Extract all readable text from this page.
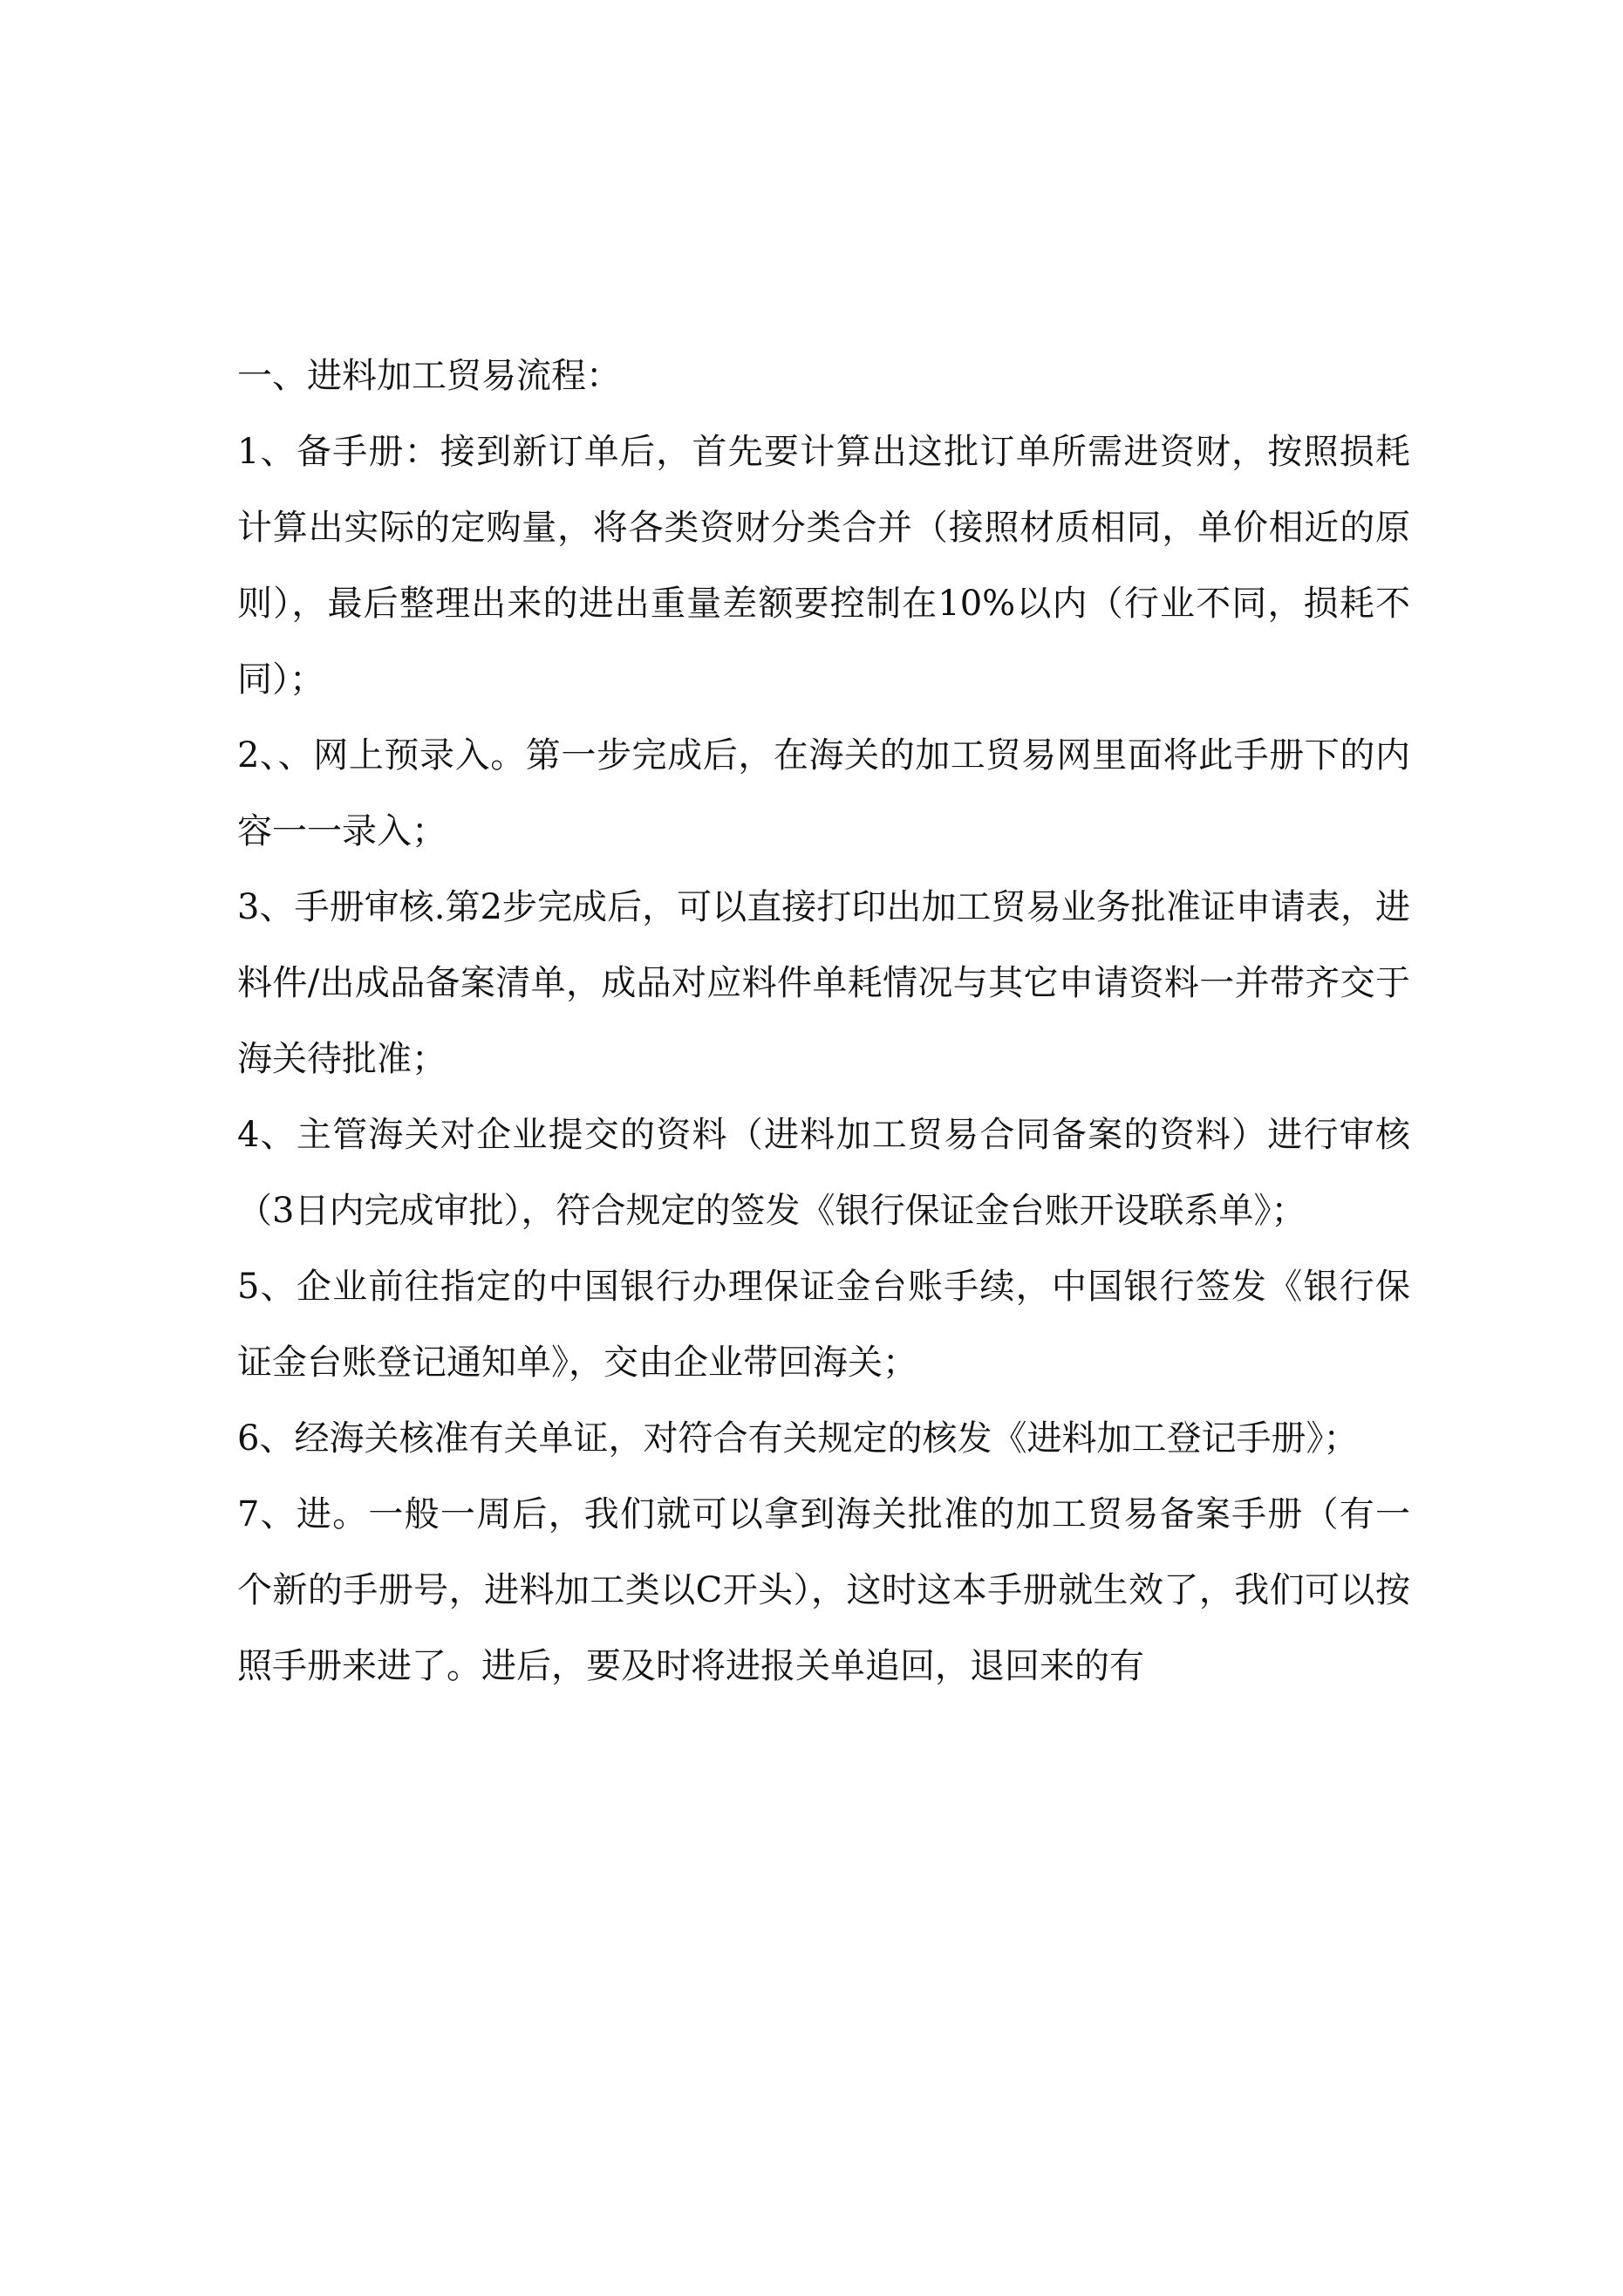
一、进料加工贸易流程：

1、备手册：接到新订单后，首先要计算出这批订单所需进资财，按照损耗计算出实际的定购量，将各类资财分类合并（接照材质相同，单价相近的原则），最后整理出来的进出重量差额要控制在10%以内（行业不同，损耗不同）；

2、、网上预录入。第一步完成后，在海关的加工贸易网里面将此手册下的内容一一录入；

3、手册审核.第2步完成后，可以直接打印出加工贸易业务批准证申请表，进料件/出成品备案清单，成品对应料件单耗情况与其它申请资料一并带齐交于海关待批准；

4、主管海关对企业提交的资料（进料加工贸易合同备案的资料）进行审核（3日内完成审批），符合规定的签发《银行保证金台账开设联系单》；

5、企业前往指定的中国银行办理保证金台账手续，中国银行签发《银行保证金台账登记通知单》，交由企业带回海关；

6、经海关核准有关单证，对符合有关规定的核发《进料加工登记手册》；

7、进。一般一周后，我们就可以拿到海关批准的加工贸易备案手册（有一个新的手册号，进料加工类以C开头），这时这本手册就生效了，我们可以按照手册来进了。进后，要及时将进报关单追回，退回来的有
